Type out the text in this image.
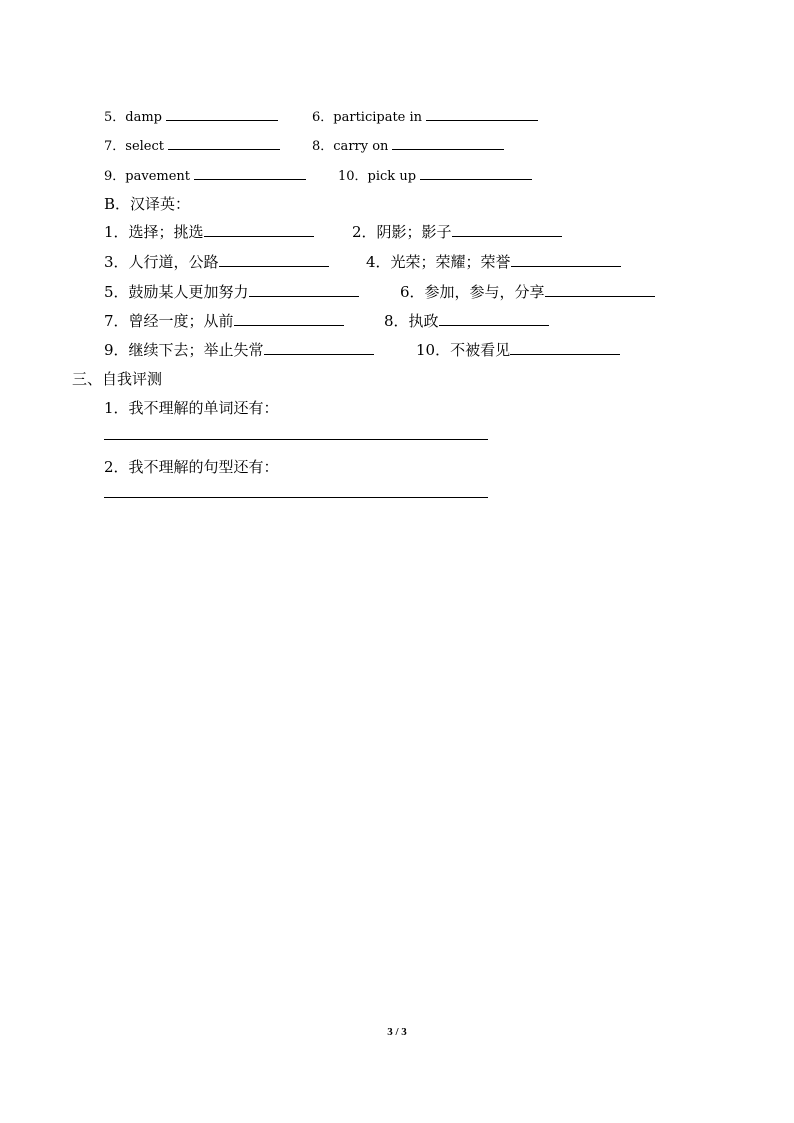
5．damp	6．participate in
7．select	8．carry on
9．pavement	10．pick up
B．汉译英：
1．选择；挑选	2．阴影；影子
3．人行道，公路	4．光荣；荣耀；荣誉
5．鼓励某人更加努力	6．参加，参与，分享
7．曾经一度；从前	8．执政
9．继续下去；举止失常	10．不被看见
三、自我评测
1．我不理解的单词还有：
2．我不理解的句型还有：
3 / 3
